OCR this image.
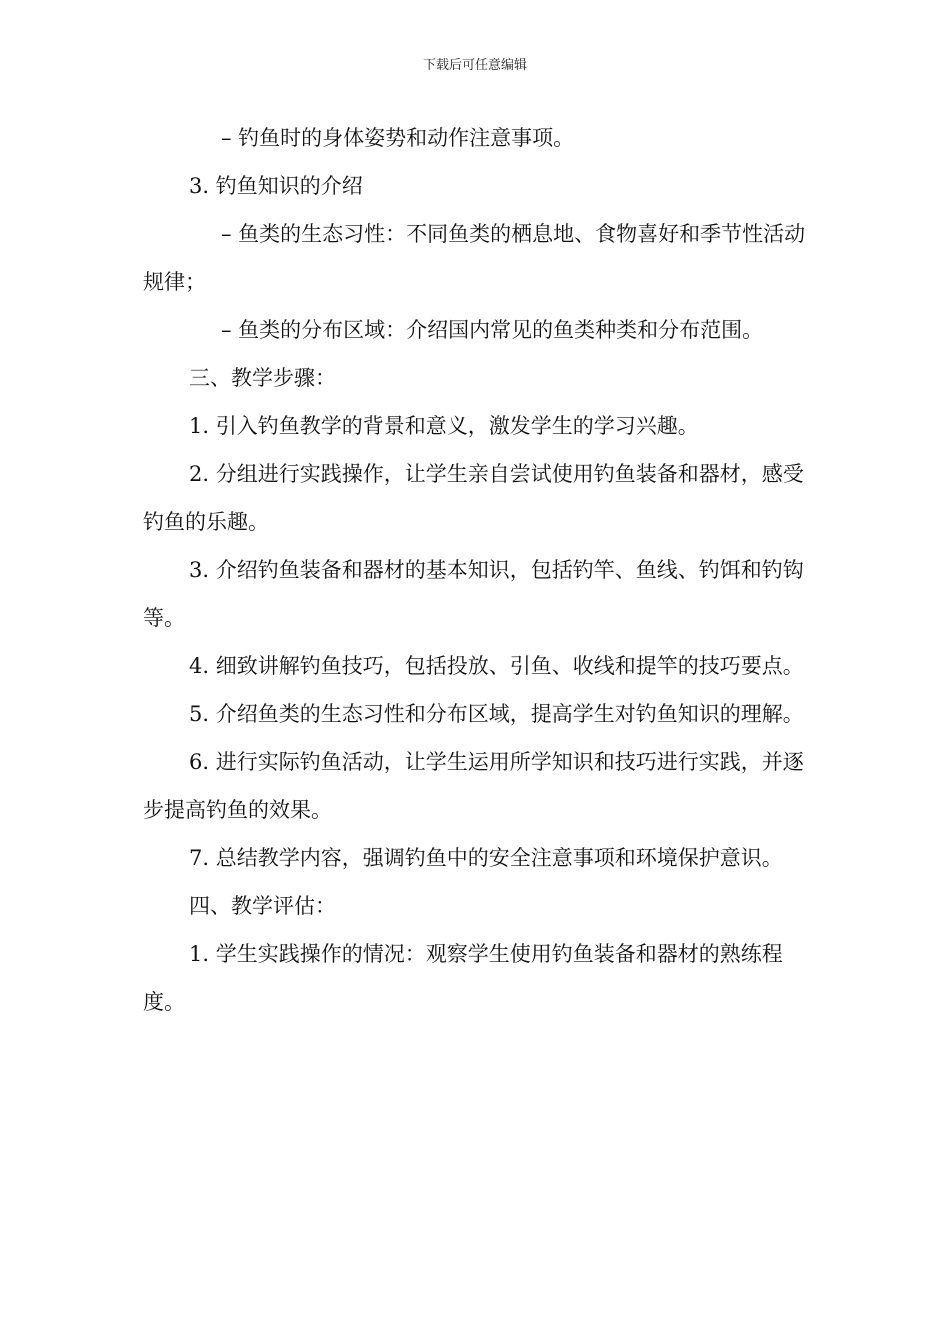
下载后可任意编辑

– 钓鱼时的身体姿势和动作注意事项。

3. 钓鱼知识的介绍

– 鱼类的生态习性：不同鱼类的栖息地、食物喜好和季节性活动规律；

– 鱼类的分布区域：介绍国内常见的鱼类种类和分布范围。

三、教学步骤：

1. 引入钓鱼教学的背景和意义，激发学生的学习兴趣。

2. 分组进行实践操作，让学生亲自尝试使用钓鱼装备和器材，感受钓鱼的乐趣。

3. 介绍钓鱼装备和器材的基本知识，包括钓竿、鱼线、钓饵和钓钩等。

4. 细致讲解钓鱼技巧，包括投放、引鱼、收线和提竿的技巧要点。

5. 介绍鱼类的生态习性和分布区域，提高学生对钓鱼知识的理解。

6. 进行实际钓鱼活动，让学生运用所学知识和技巧进行实践，并逐步提高钓鱼的效果。

7. 总结教学内容，强调钓鱼中的安全注意事项和环境保护意识。

四、教学评估：

1. 学生实践操作的情况：观察学生使用钓鱼装备和器材的熟练程度。
